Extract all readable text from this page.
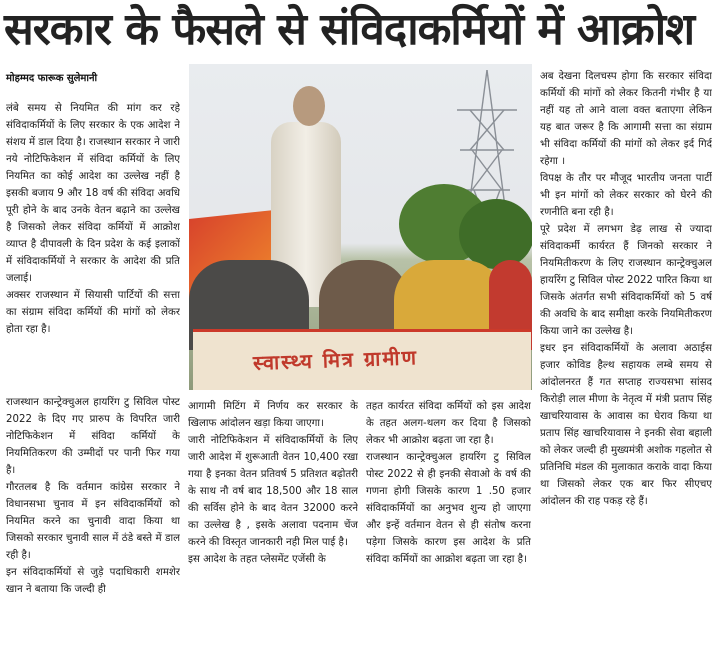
सरकार के फैसले से संविदाकर्मियों में आक्रोश
मोहम्मद फारूक सुलेमानी

लंबे समय से नियमित की मांग कर रहे संविदाकर्मियों के लिए सरकार के एक आदेश ने संशय में डाल दिया है। राजस्थान सरकार ने जारी नये नोटिफिकेशन में संविदा कर्मियों के लिए नियमित का कोई आदेश का उल्लेख नहीं है इसकी बजाय 9 और 18 वर्ष की संविदा अवधि पूरी होने के बाद उनके वेतन बढ़ाने का उल्लेख है जिसको लेकर संविदा कर्मियों में आक्रोश व्याप्त है दीपावली के दिन प्रदेश के कई इलाकों में संविदाकर्मियों ने सरकार के आदेश की प्रति जलाई।

अक्सर राजस्थान में सियासी पार्टियों की सत्ता का संग्राम संविदा कर्मियों की मांगों को लेकर होता रहा है।

राजस्थान कान्ट्रेक्चुअल हायरिंग टु सिविल पोस्ट 2022 के दिए गए प्रारुप के विपरित जारी नोटिफिकेशन में संविदा कर्मियों के नियमितिकरण की उम्मीदों पर पानी फिर गया है।

गौरतलब है कि वर्तमान कांग्रेस सरकार ने विधानसभा चुनाव में इन संविदाकर्मियों को नियमित करने का चुनावी वादा किया था जिसको सरकार चुनावी साल में ठंडे बस्ते में डाल रही है।

इन संविदाकर्मियों से जुड़े पदाधिकारी शमशेर खान ने बताया कि जल्दी ही

स्वास्थ्य मित्र ग्रामीण

आगामी मिटिंग में निर्णय कर सरकार के खिलाफ आंदोलन खड़ा किया जाएगा।

जारी नोटिफिकेशन में संविदाकर्मियों के लिए जारी आदेश में शुरूआती वेतन 10,400 रखा गया है इनका वेतन प्रतिवर्ष 5 प्रतिशत बढ़ोतरी के साथ नौ वर्ष बाद 18,500 और 18 साल की सर्विस होने के बाद वेतन 32000 करने का उल्लेख है , इसके अलावा पदनाम चेंज करने की विस्तृत जानकारी नही मिल पाई है।

इस आदेश के तहत प्लेसमेंट एजेंसी के

तहत कार्यरत संविदा कर्मियों को इस आदेश के तहत अलग-थलग कर दिया है जिसको लेकर भी आक्रोश बढ़ता जा रहा है।

राजस्थान कान्ट्रेक्चुअल हायरिंग टु सिविल पोस्ट 2022 से ही इनकी सेवाओ के वर्ष की गणना होगी जिसके कारण 1 .50 हजार संविदाकर्मियों का अनुभव शुन्य हो जाएगा और इन्हें वर्तमान वेतन से ही संतोष करना पड़ेगा जिसके कारण इस आदेश के प्रति संविदा कर्मियों का आक्रोश बढ़ता जा रहा है।

अब देखना दिलचस्प होगा कि सरकार संविदा कर्मियों की मांगों को लेकर कितनी गंभीर है या नहीं यह तो आने वाला वक्त बताएगा लेकिन यह बात जरूर है कि आगामी सत्ता का संग्राम भी संविदा कर्मियों की मांगों को लेकर इर्द गिर्द रहेगा ।

विपक्ष के तौर पर मौजूद भारतीय जनता पार्टी भी इन मांगों को लेकर सरकार को घेरने की रणनीति बना रही है।

पूरे प्रदेश में लगभग डेढ़ लाख से ज्यादा संविदाकर्मी कार्यरत हैं जिनको सरकार ने नियमितीकरण के लिए राजस्थान कान्ट्रेक्चुअल हायरिंग टु सिविल पोस्ट 2022 पारित किया था जिसके अंतर्गत सभी संविदाकर्मियों को 5 वर्ष की अवधि के बाद समीक्षा करके नियमितीकरण किया जाने का उल्लेख है।

इधर इन संविदाकर्मियों के अलावा अठाईस हजार कोविड हैल्थ सहायक लम्बे समय से आंदोलनरत हैं गत सप्ताह राज्यसभा सांसद किरोड़ी लाल मीणा के नेतृत्व में मंत्री प्रताप सिंह खाचरियावास के आवास का घेराव किया था प्रताप सिंह खाचरियावास ने इनकी सेवा बहाली को लेकर जल्दी ही मुख्यमंत्री अशोक गहलोत से प्रतिनिधि मंडल की मुलाकात कराके वादा किया था जिसको लेकर एक बार फिर सीएचए आंदोलन की राह पकड़ रहे हैं।
